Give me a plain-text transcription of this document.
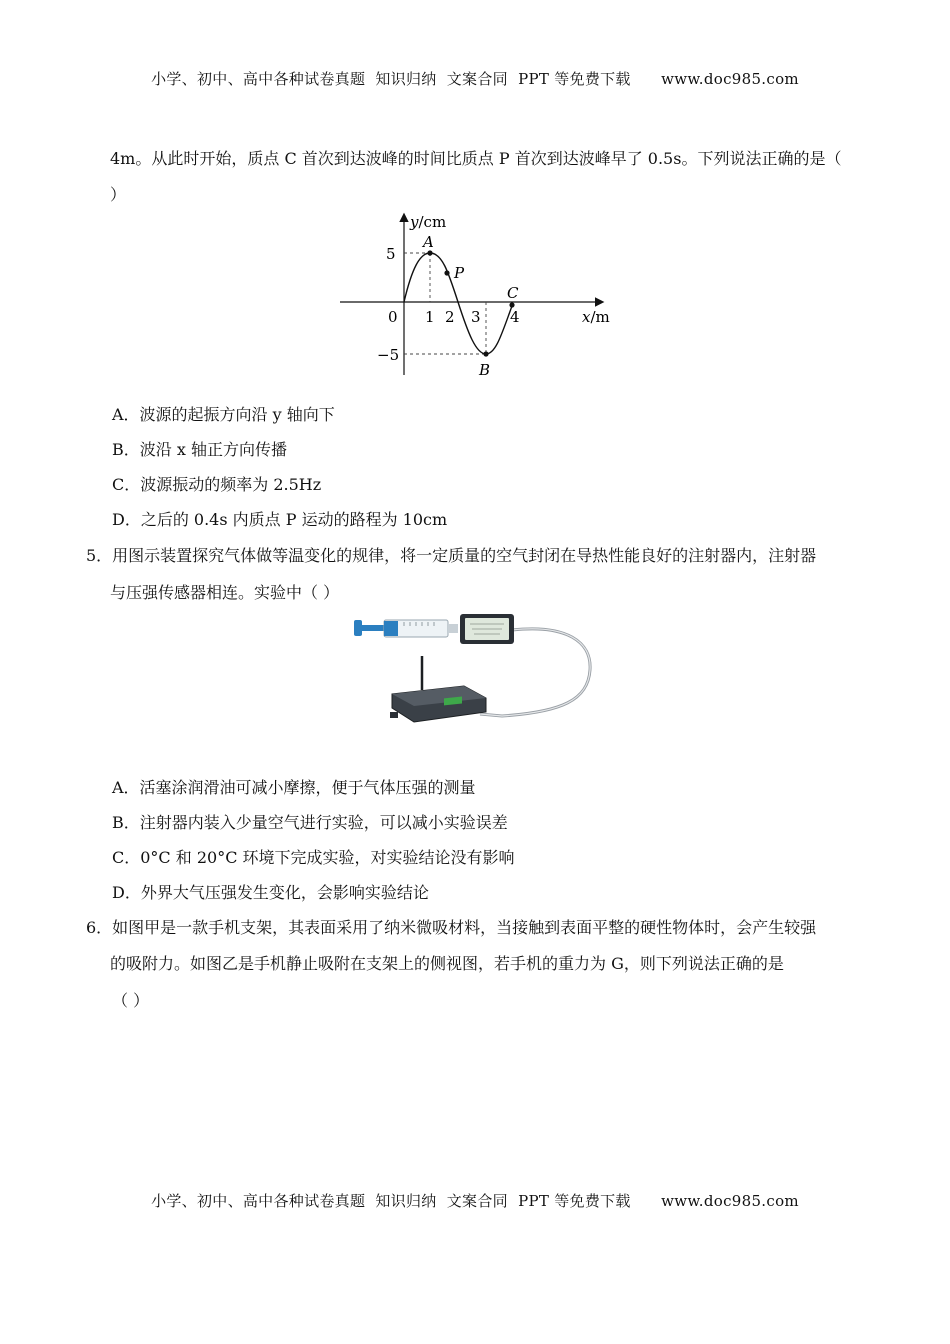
小学、初中、高中各种试卷真题  知识归纳  文案合同  PPT 等免费下载      www.doc985.com
4m。从此时开始，质点 C 首次到达波峰的时间比质点 P 首次到达波峰早了 0.5s。下列说法正确的是（
）
y/cm
x/m
5
−5
0 1 2 3 4
A
P
B
C
A．波源的起振方向沿 y 轴向下
B．波沿 x 轴正方向传播
C．波源振动的频率为 2.5Hz
D．之后的 0.4s 内质点 P 运动的路程为 10cm
5．用图示装置探究气体做等温变化的规律，将一定质量的空气封闭在导热性能良好的注射器内，注射器
与压强传感器相连。实验中（ ）
A．活塞涂润滑油可减小摩擦，便于气体压强的测量
B．注射器内装入少量空气进行实验，可以减小实验误差
C．0°C 和 20°C 环境下完成实验，对实验结论没有影响
D．外界大气压强发生变化，会影响实验结论
6．如图甲是一款手机支架，其表面采用了纳米微吸材料，当接触到表面平整的硬性物体时，会产生较强
的吸附力。如图乙是手机静止吸附在支架上的侧视图，若手机的重力为 G，则下列说法正确的是
（ ）
小学、初中、高中各种试卷真题  知识归纳  文案合同  PPT 等免费下载      www.doc985.com
